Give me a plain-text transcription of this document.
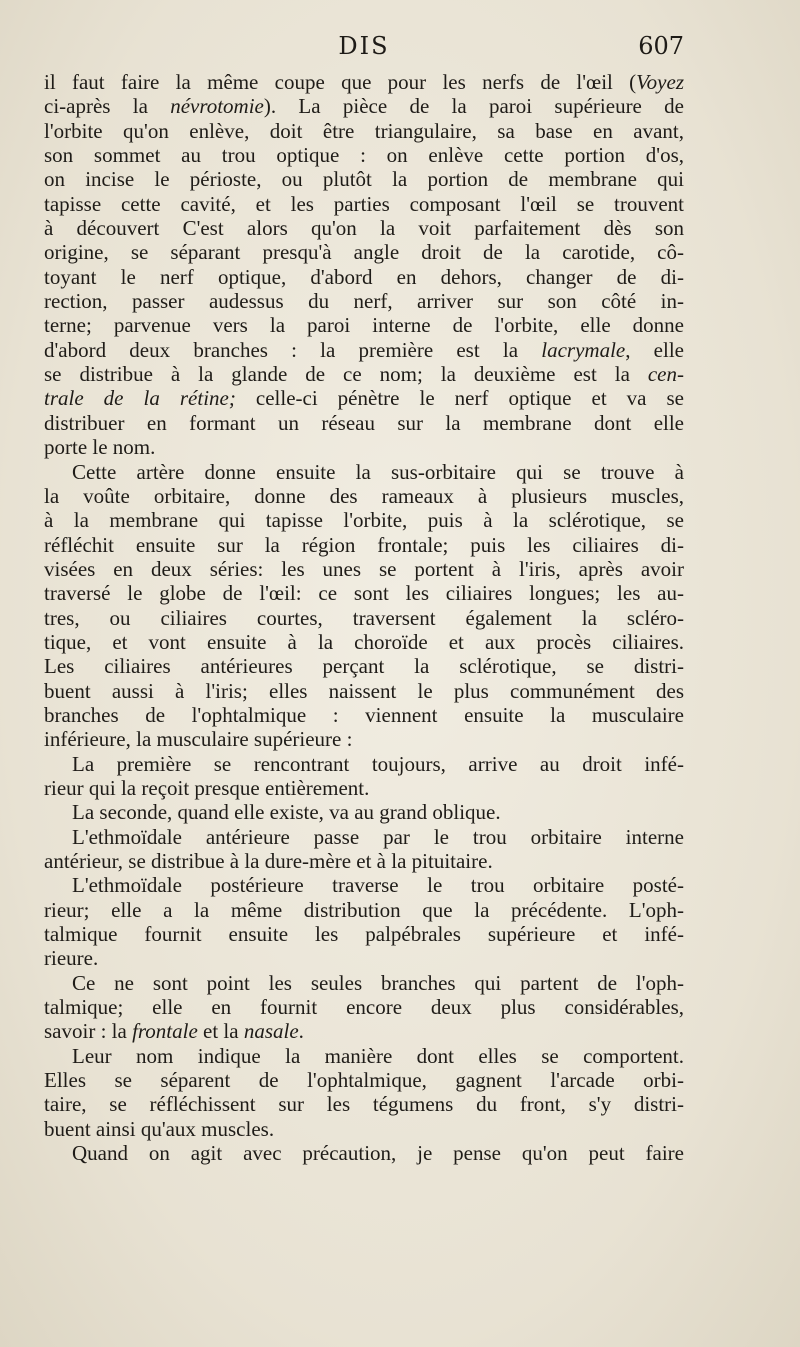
DIS	607

il faut faire la même coupe que pour les nerfs de l'œil (Voyez

ci-après la névrotomie). La pièce de la paroi supérieure de

l'orbite qu'on enlève, doit être triangulaire, sa base en avant,

son sommet au trou optique : on enlève cette portion d'os,

on incise le périoste, ou plutôt la portion de membrane qui

tapisse cette cavité, et les parties composant l'œil se trouvent

à découvert C'est alors qu'on la voit parfaitement dès son

origine, se séparant presqu'à angle droit de la carotide, cô-

toyant le nerf optique, d'abord en dehors, changer de di-

rection, passer audessus du nerf, arriver sur son côté in-

terne; parvenue vers la paroi interne de l'orbite, elle donne

d'abord deux branches : la première est la lacrymale, elle

se distribue à la glande de ce nom; la deuxième est la cen-

trale de la rétine; celle-ci pénètre le nerf optique et va se

distribuer en formant un réseau sur la membrane dont elle

porte le nom.

Cette artère donne ensuite la sus-orbitaire qui se trouve à

la voûte orbitaire, donne des rameaux à plusieurs muscles,

à la membrane qui tapisse l'orbite, puis à la sclérotique, se

réfléchit ensuite sur la région frontale; puis les ciliaires di-

visées en deux séries: les unes se portent à l'iris, après avoir

traversé le globe de l'œil: ce sont les ciliaires longues; les au-

tres, ou ciliaires courtes, traversent également la scléro-

tique, et vont ensuite à la choroïde et aux procès ciliaires.

Les ciliaires antérieures perçant la sclérotique, se distri-

buent aussi à l'iris; elles naissent le plus communément des

branches de l'ophtalmique : viennent ensuite la musculaire

inférieure, la musculaire supérieure :

La première se rencontrant toujours, arrive au droit infé-

rieur qui la reçoit presque entièrement.

La seconde, quand elle existe, va au grand oblique.

L'ethmoïdale antérieure passe par le trou orbitaire interne

antérieur, se distribue à la dure-mère et à la pituitaire.

L'ethmoïdale postérieure traverse le trou orbitaire posté-

rieur; elle a la même distribution que la précédente. L'oph-

talmique fournit ensuite les palpébrales supérieure et infé-

rieure.

Ce ne sont point les seules branches qui partent de l'oph-

talmique; elle en fournit encore deux plus considérables,

savoir : la frontale et la nasale.

Leur nom indique la manière dont elles se comportent.

Elles se séparent de l'ophtalmique, gagnent l'arcade orbi-

taire, se réfléchissent sur les tégumens du front, s'y distri-

buent ainsi qu'aux muscles.

Quand on agit avec précaution, je pense qu'on peut faire
